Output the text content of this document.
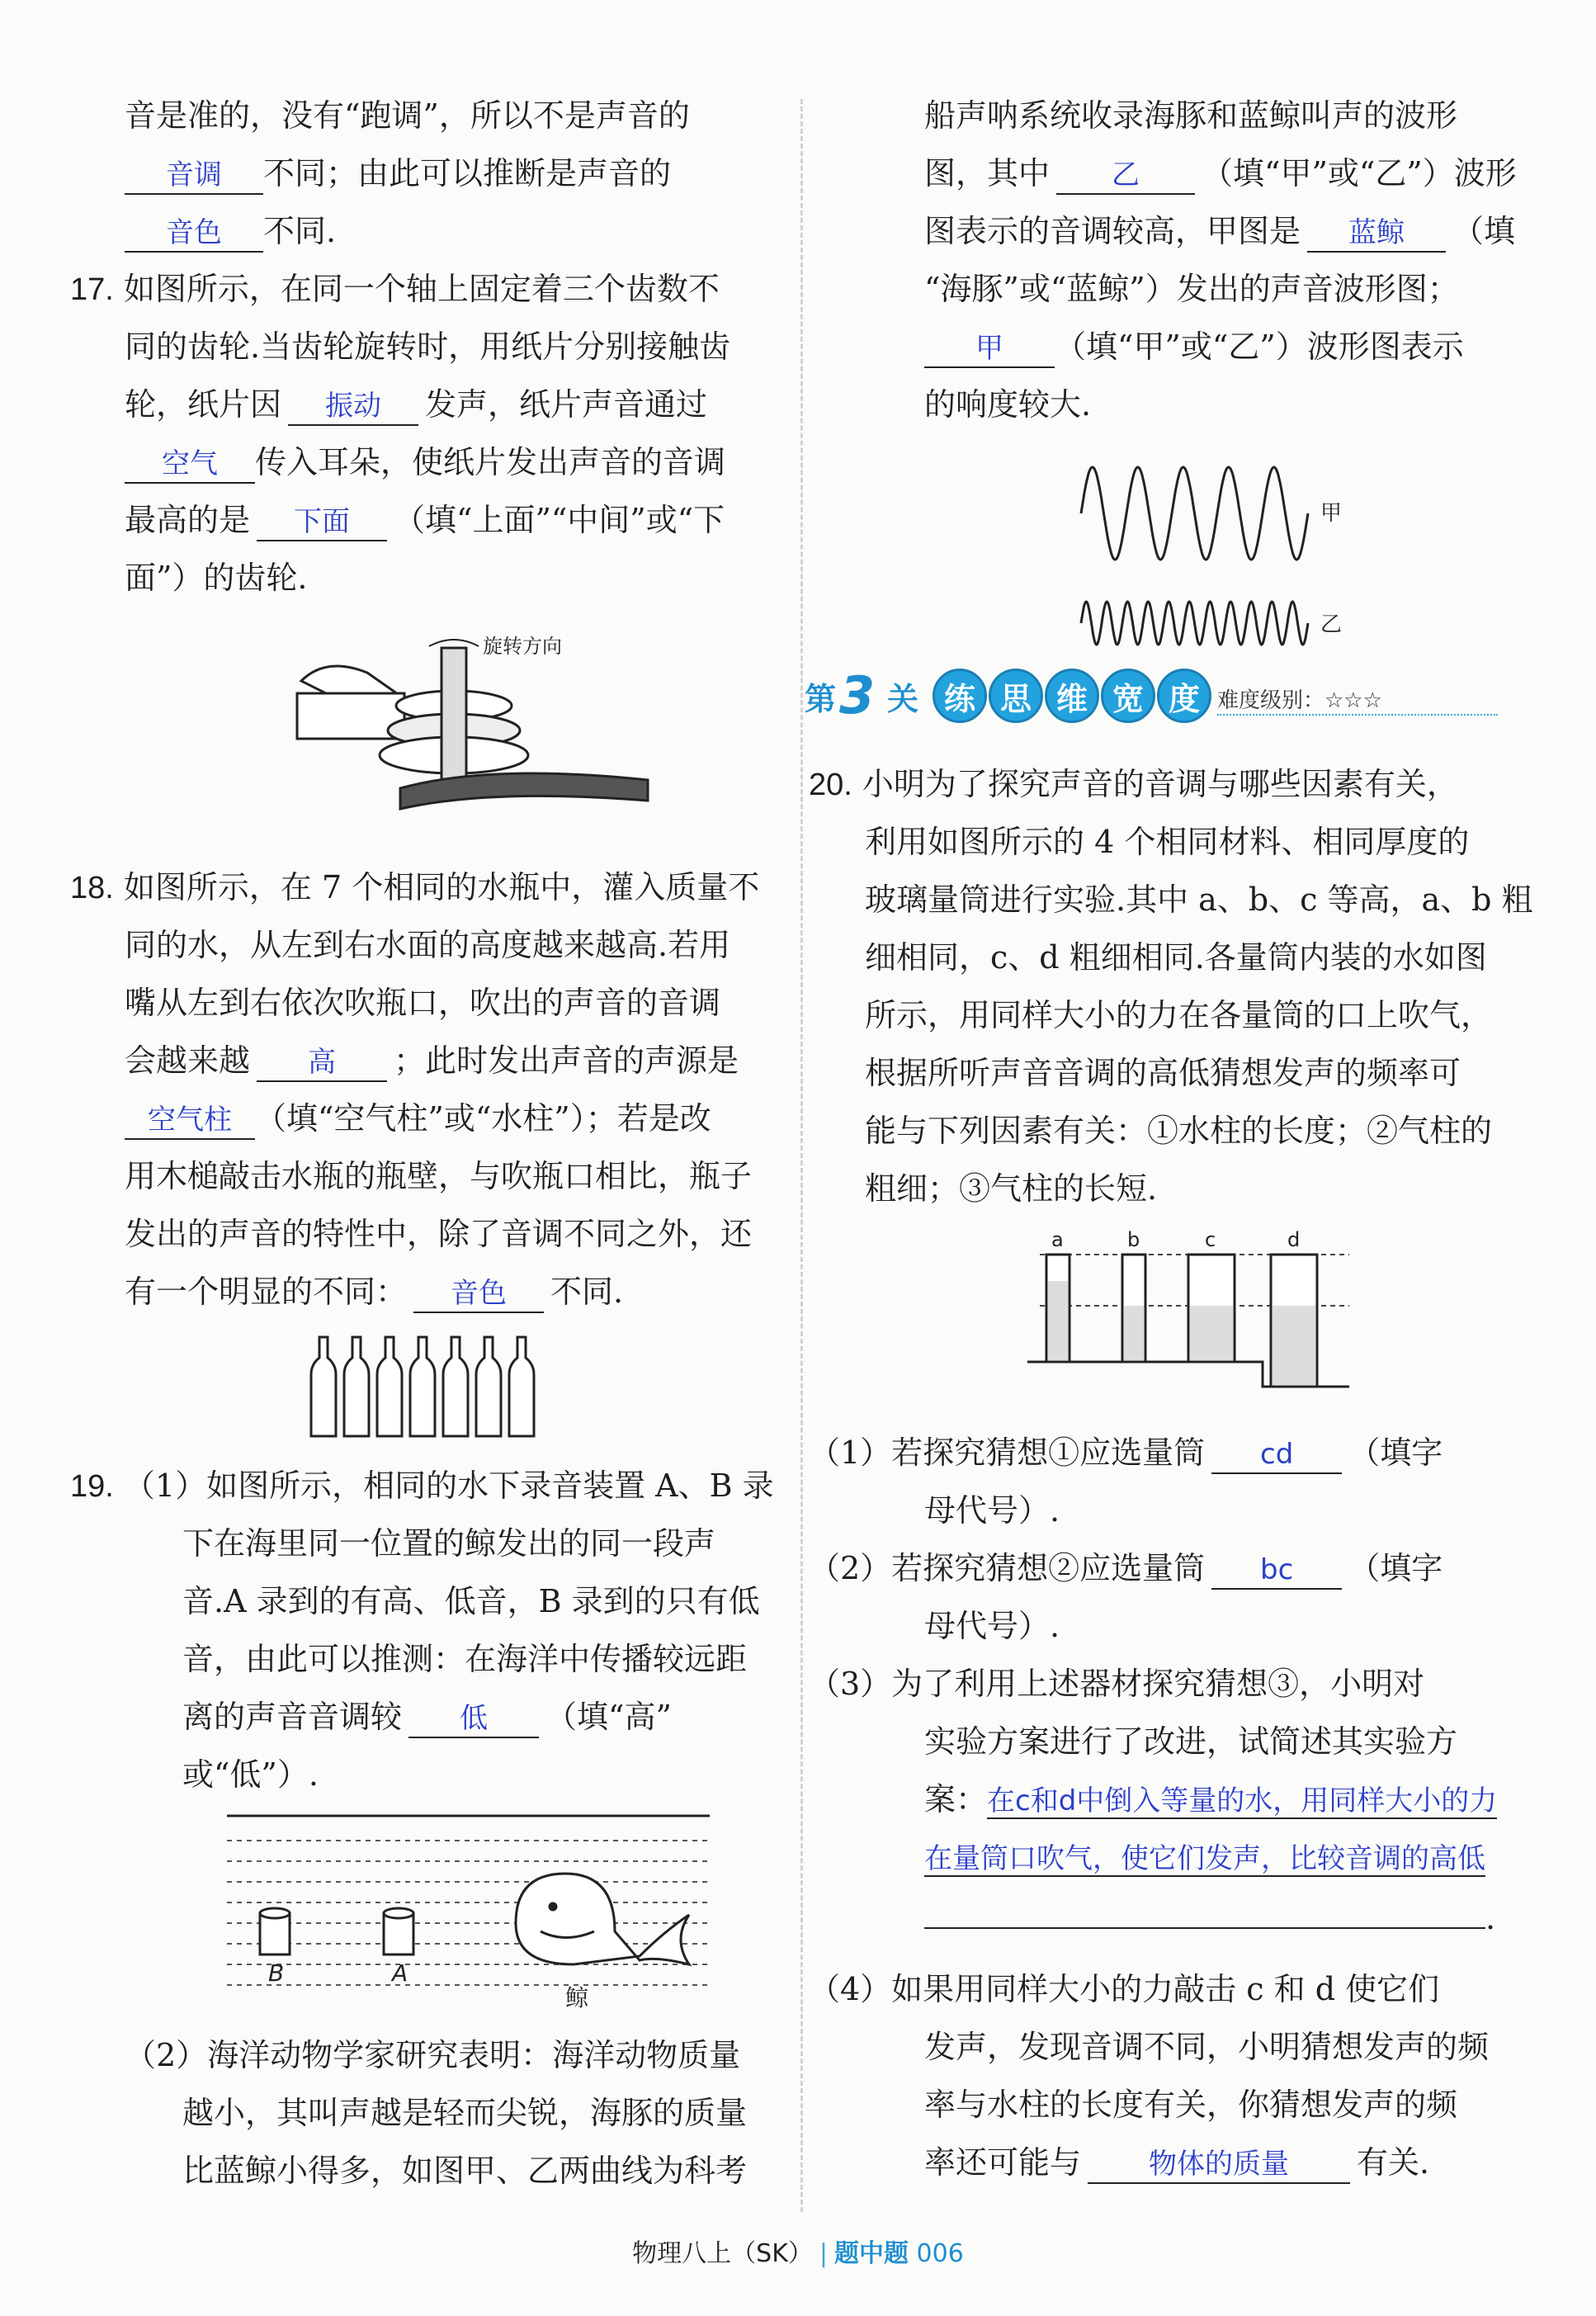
音是准的，没有“跑调”，所以不是声音的
音调 不同；由此可以推断是声音的
音色 不同.
17. 如图所示，在同一个轴上固定着三个齿数不
同的齿轮.当齿轮旋转时，用纸片分别接触齿
轮，纸片因 振动 发声，纸片声音通过
空气 传入耳朵，使纸片发出声音的音调
最高的是 下面 （填“上面”“中间”或“下
面”）的齿轮.
旋转方向
18. 如图所示，在 7 个相同的水瓶中，灌入质量不
同的水，从左到右水面的高度越来越高.若用
嘴从左到右依次吹瓶口，吹出的声音的音调
会越来越 高 ；此时发出声音的声源是
空气柱 （填“空气柱”或“水柱”）；若是改
用木槌敲击水瓶的瓶壁，与吹瓶口相比，瓶子
发出的声音的特性中，除了音调不同之外，还
有一个明显的不同： 音色 不同.
19. （1）如图所示，相同的水下录音装置 A、B 录
下在海里同一位置的鲸发出的同一段声
音.A 录到的有高、低音，B 录到的只有低
音，由此可以推测：在海洋中传播较远距
离的声音音调较 低 （填“高”
或“低”）.
B	A
鲸
（2）海洋动物学家研究表明：海洋动物质量
越小，其叫声越是轻而尖锐，海豚的质量
比蓝鲸小得多，如图甲、乙两曲线为科考
船声呐系统收录海豚和蓝鲸叫声的波形
图，其中 乙 （填“甲”或“乙”）波形
图表示的音调较高，甲图是 蓝鲸 （填
“海豚”或“蓝鲸”）发出的声音波形图；
甲 （填“甲”或“乙”）波形图表示
的响度较大.
甲
乙
第 3 关 练 思 维 宽 度 难度级别：☆☆☆
20. 小明为了探究声音的音调与哪些因素有关，
利用如图所示的 4 个相同材料、相同厚度的
玻璃量筒进行实验.其中 a、b、c 等高，a、b 粗
细相同，c、d 粗细相同.各量筒内装的水如图
所示，用同样大小的力在各量筒的口上吹气，
根据所听声音音调的高低猜想发声的频率可
能与下列因素有关：①水柱的长度；②气柱的
粗细；③气柱的长短.
a	b	c	d
（1）若探究猜想①应选量筒 cd （填字
母代号）.
（2）若探究猜想②应选量筒 bc （填字
母代号）.
（3）为了利用上述器材探究猜想③，小明对
实验方案进行了改进，试简述其实验方
案：在c和d中倒入等量的水，用同样大小的力
在量筒口吹气，使它们发声，比较音调的高低
.
（4）如果用同样大小的力敲击 c 和 d 使它们
发声，发现音调不同，小明猜想发声的频
率与水柱的长度有关，你猜想发声的频
率还可能与 物体的质量 有关.
物理八上（SK） | 题中题 006
